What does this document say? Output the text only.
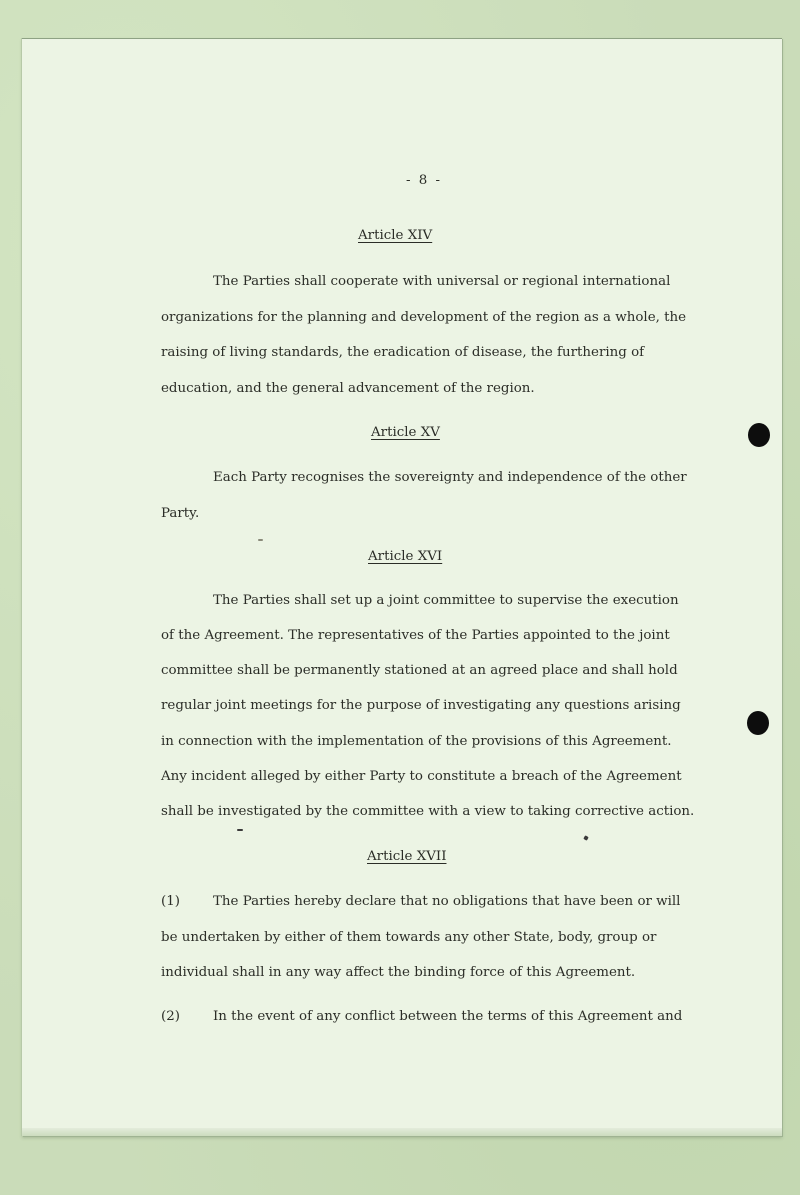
- 8 -
Article XIV
The Parties shall cooperate with universal or regional international
organizations for the planning and development of the region as a whole, the
raising of living standards, the eradication of disease, the furthering of
education, and the general advancement of the region.
Article XV
Each Party recognises the sovereignty and independence of the other
Party.
Article XVI
The Parties shall set up a joint committee to supervise the execution
of the Agreement. The representatives of the Parties appointed to the joint
committee shall be permanently stationed at an agreed place and shall hold
regular joint meetings for the purpose of investigating any questions arising
in connection with the implementation of the provisions of this Agreement.
Any incident alleged by either Party to constitute a breach of the Agreement
shall be investigated by the committee with a view to taking corrective action.
Article XVII
(1) The Parties hereby declare that no obligations that have been or will
be undertaken by either of them towards any other State, body, group or
individual shall in any way affect the binding force of this Agreement.
(2) In the event of any conflict between the terms of this Agreement and
